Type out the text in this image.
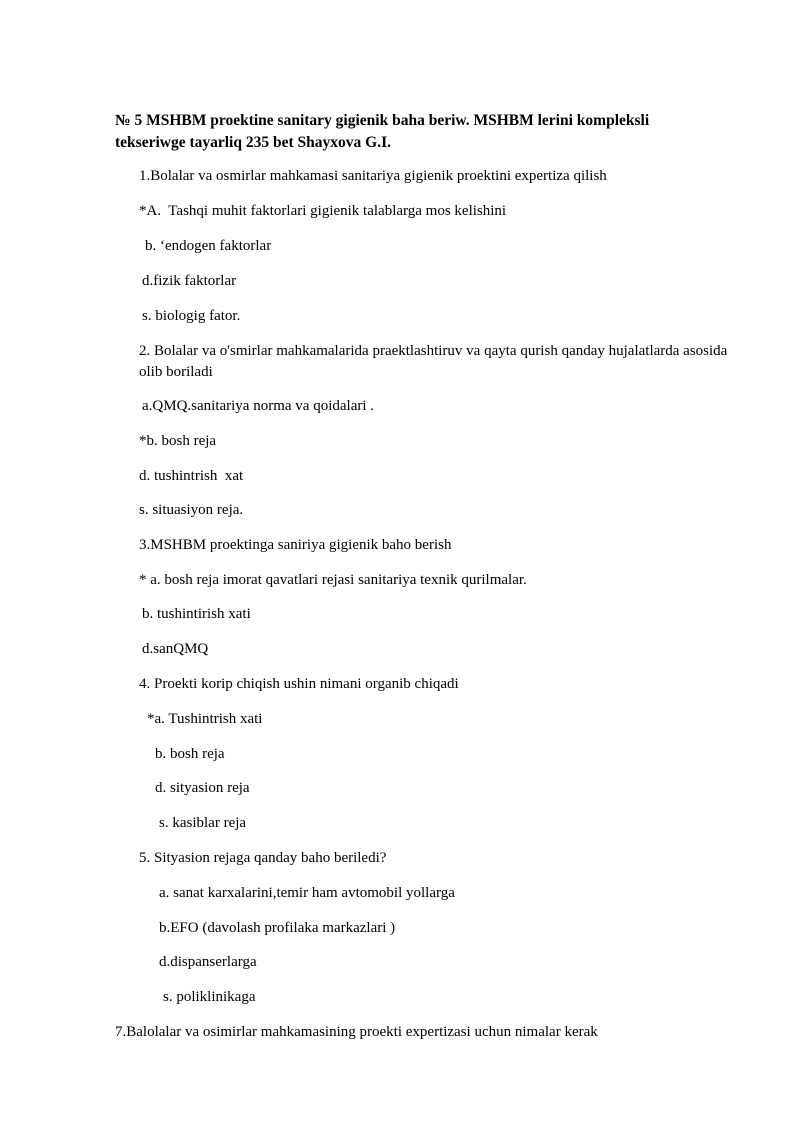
№ 5 MSHBM proektine sanitary gigienik baha beriw. MSHBM lerini kompleksli tekseriwge tayarliq 235 bet Shayxova G.I.
1.Bolalar va osmirlar mahkamasi sanitariya gigienik proektini expertiza qilish
*A.  Tashqi muhit faktorlari gigienik talablarga mos kelishini
b. ‘endogen faktorlar
d.fizik faktorlar
s. biologig fator.
2. Bolalar va o'smirlar mahkamalarida praektlashtiruv va qayta qurish qanday hujalatlarda asosida olib boriladi
a.QMQ.sanitariya norma va qoidalari .
*b. bosh reja
d. tushintrish  xat
s. situasiyon reja.
3.MSHBM proektinga saniriya gigienik baho berish
* a. bosh reja imorat qavatlari rejasi sanitariya texnik qurilmalar.
b. tushintirish xati
d.sanQMQ
4. Proekti korip chiqish ushin nimani organib chiqadi
*a. Tushintrish xati
b. bosh reja
d. sityasion reja
s. kasiblar reja
5. Sityasion rejaga qanday baho beriledi?
a. sanat karxalarini,temir ham avtomobil yollarga
b.EFO (davolash profilaka markazlari )
d.dispanserlarga
s. poliklinikaga
7.Balolalar va osimirlar mahkamasining proekti expertizasi uchun nimalar kerak
